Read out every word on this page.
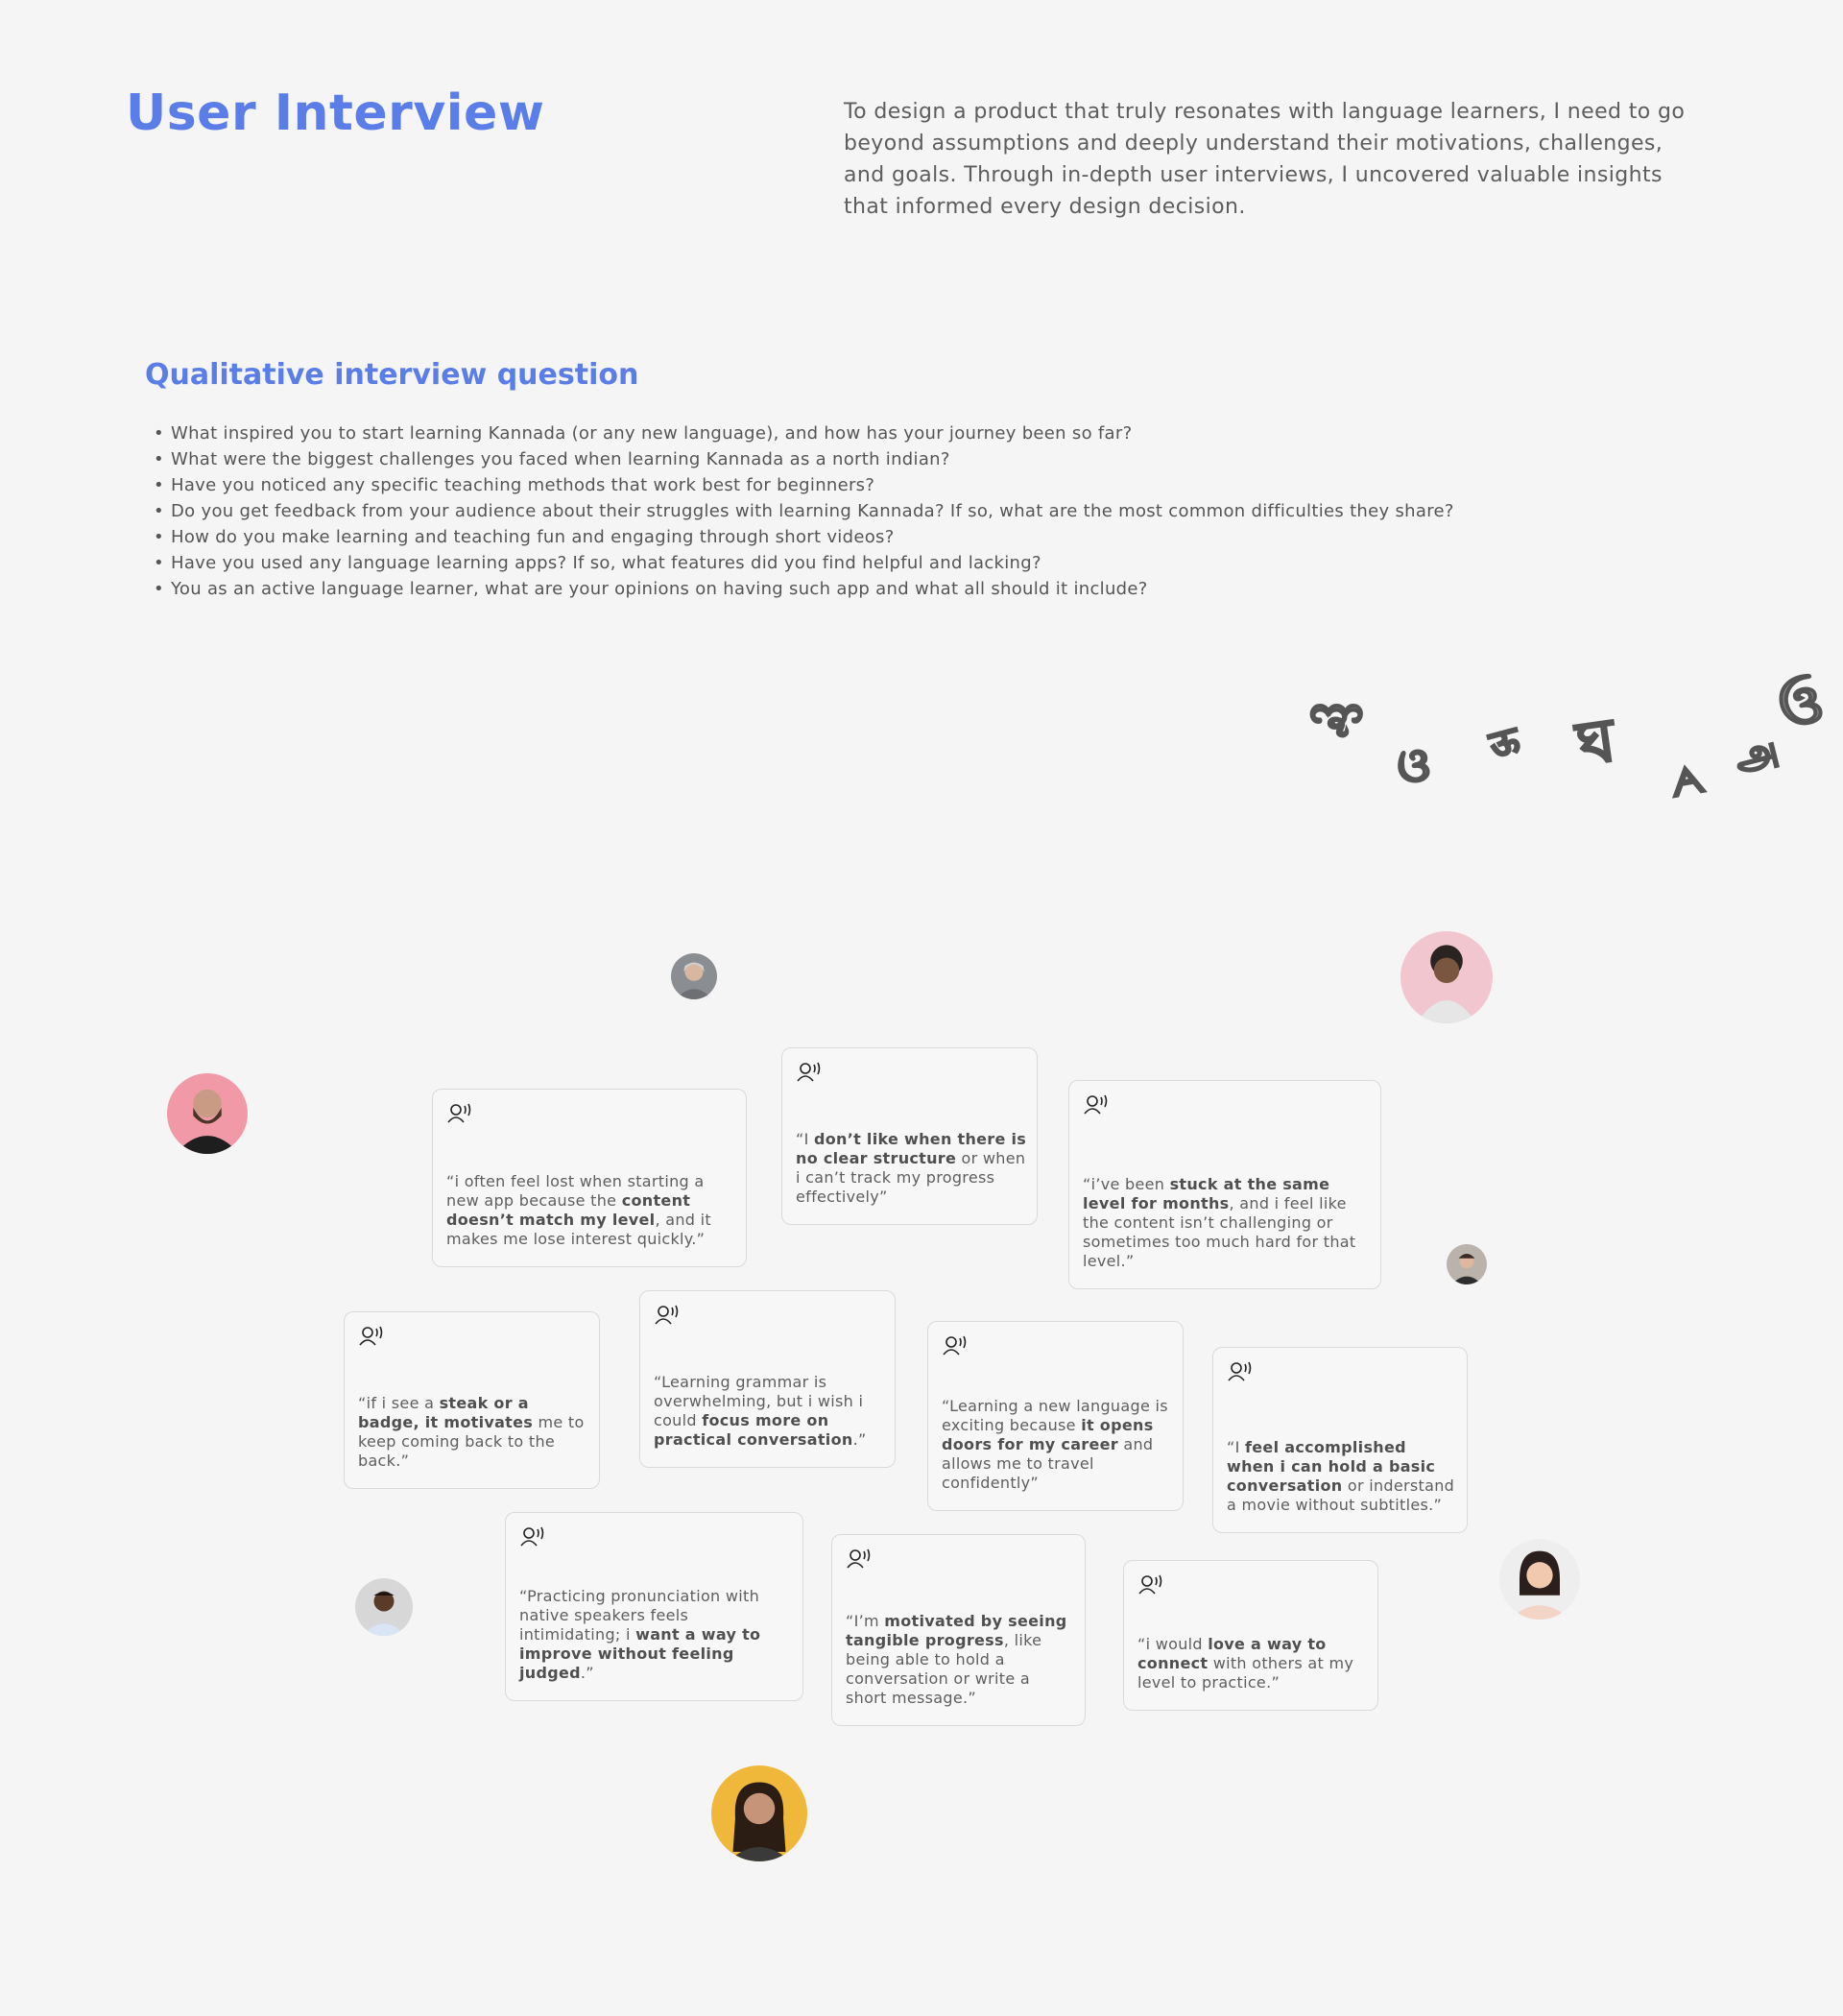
User Interview	To design a product that truly resonates with language learners, I need to go beyond assumptions and deeply understand their motivations, challenges, and goals. Through in-depth user interviews, I uncovered valuable insights that informed every design decision.

Qualitative interview question
• What inspired you to start learning Kannada (or any new language), and how has your journey been so far?
• What were the biggest challenges you faced when learning Kannada as a north indian?
• Have you noticed any specific teaching methods that work best for beginners?
• Do you get feedback from your audience about their struggles with learning Kannada? If so, what are the most common difficulties they share?
• How do you make learning and teaching fun and engaging through short videos?
• Have you used any language learning apps? If so, what features did you find helpful and lacking?
• You as an active language learner, what are your opinions on having such app and what all should it include?
ಞ
ଓ ऊ ঘ
ᗅ
அ
ઉ

“i often feel lost when starting a new app because the content doesn’t match my level, and it makes me lose interest quickly.”

“I don’t like when there is no clear structure or when i can’t track my progress effectively”

“i’ve been stuck at the same level for months, and i feel like the content isn’t challenging or sometimes too much hard for that level.”

“if i see a steak or a badge, it motivates me to keep coming back to the back.”

“Learning grammar is overwhelming, but i wish i could focus more on practical conversation.”

“Learning a new language is exciting because it opens doors for my career and allows me to travel confidently”

“I feel accomplished when i can hold a basic conversation or inderstand a movie without subtitles.”

“Practicing pronunciation with native speakers feels intimidating; i want a way to improve without feeling judged.”

“I’m motivated by seeing tangible progress, like being able to hold a conversation or write a short message.”

“i would love a way to connect with others at my level to practice.”
